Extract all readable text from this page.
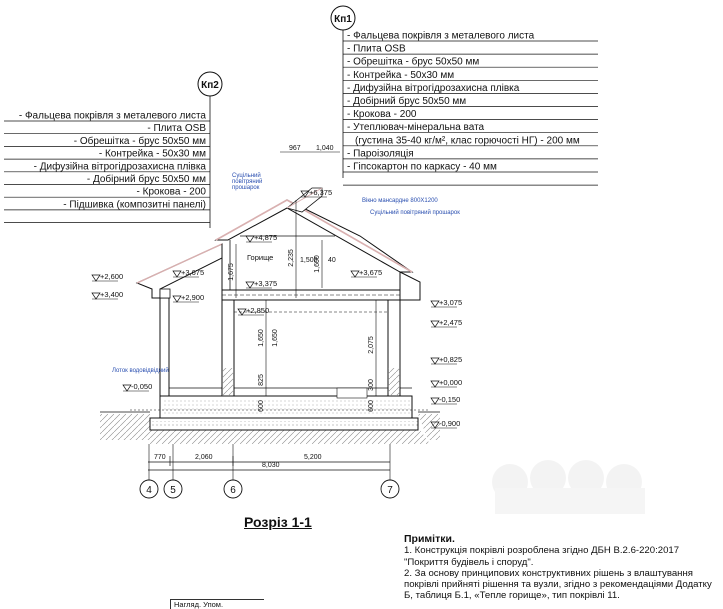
Кп1
- Фальцева покрівля з металевого листа
- Плита OSB
- Обрешітка - брус 50х50 мм
- Контрейка - 50х30 мм
- Дифузійна вітрогідрозахисна плівка
- Добірний брус 50х50 мм
- Крокова - 200
- Утеплювач-мінеральна вата
(густина 35-40 кг/м², клас горючості НГ) - 200 мм
- Пароізоляція
- Гіпсокартон по каркасу - 40 мм
Кп2
- Фальцева покрівля з металевого листа
- Плита OSB
- Обрешітка - брус 50х50 мм
- Контрейка - 50х30 мм
- Дифузійна вітрогідрозахисна плівка
- Добірний брус 50х50 мм
- Крокова - 200
- Підшивка (композитні панелі)
+2,600
+3,400
-0,050
+3,675
+2,900
+4,875
+3,375
+2,850
+6,375
+3,675
+3,075
+2,475
+0,825
+0,000
-0,150
-0,900
Горище
Вікно мансардне 800Х1200
Суцільний
повітряний
прошарок
Суцільний повітряний прошарок
Лоток водовідвідний
1,675
2,235
1,650 1,650
825
600
2,075
300
600
1,600
967 1,040
1,500 40
770	2,060	5,200
8,030
4 5	6	7
Розріз 1-1
Примітки.
1. Конструкція покрівлі розроблена згідно ДБН В.2.6-220:2017 "Покриття будівель і споруд".
2. За основу принципових конструктивних рішень з влаштування покрівлі прийняті рішення та вузли, згідно з рекомендаціями Додатку Б, таблиця Б.1, «Тепле горище», тип покрівлі 11.
Нагляд. Упом.
